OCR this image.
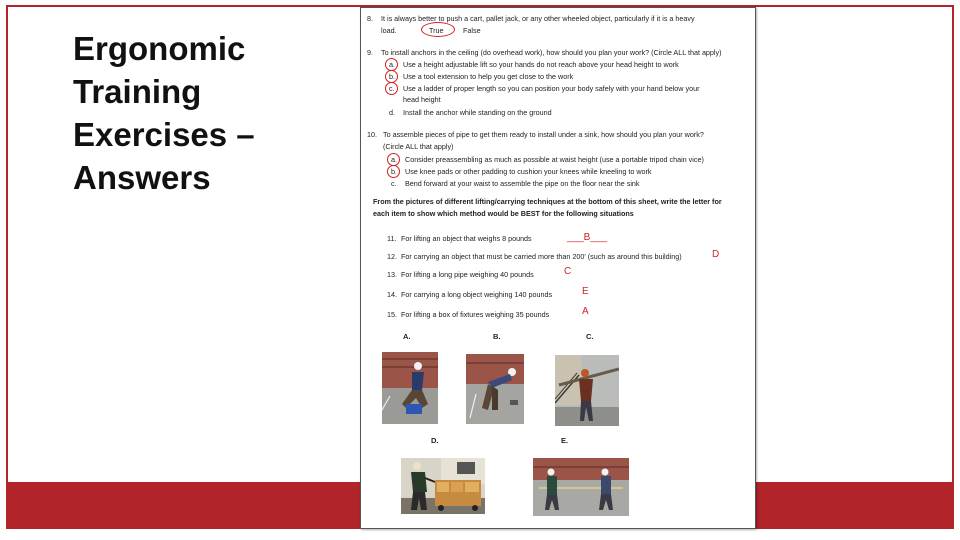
Ergonomic Training Exercises – Answers
8. It is always better to push a cart, pallet jack, or any other wheeled object, particularly if it is a heavy
load.	True	False
9. To install anchors in the ceiling (do overhead work), how should you plan your work? (Circle ALL that apply)
a. Use a height adjustable lift so your hands do not reach above your head height to work
b. Use a tool extension to help you get close to the work
c. Use a ladder of proper length so you can position your body safely with your hand below your
head height
d. Install the anchor while standing on the ground
10. To assemble pieces of pipe to get them ready to install under a sink, how should you plan your work?
(Circle ALL that apply)
a. Consider preassembling as much as possible at waist height (use a portable tripod chain vice)
b. Use knee pads or other padding to cushion your knees while kneeling to work
c. Bend forward at your waist to assemble the pipe on the floor near the sink
From the pictures of different lifting/carrying techniques at the bottom of this sheet, write the letter for
each item to show which method would be BEST for the following situations
11. For lifting an object that weighs 8 pounds	___B___
12. For carrying an object that must be carried more than 200' (such as around this building)	D
13. For lifting a long pipe weighing 40 pounds	C
14. For carrying a long object weighing 140 pounds	E
15. For lifting a box of fixtures weighing 35 pounds	A
A.	B.	C.
D.	E.
